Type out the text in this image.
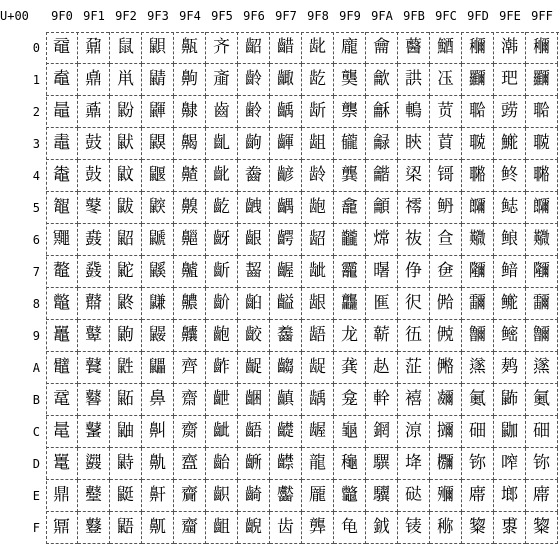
U+00	9F0 9F1 9F2 9F3 9F4 9F5 9F6 9F7 9F8 9F9 9FA 9FB 9FC 9FD 9FE 9FF
0
1
2
3
4
5
6
7
8
9
A
B
C
D
E
F
黿 鼐 鼠 鼰 齀 齐 齠 齰 龀 龐 龠 鿀 鿐 鿠 鿰 鿠
鼁 鼑 鼡 鼱 齁 齑 齡 齱 龁 龑 龡 鿁 鿑 鿡 鿱 鿡
鼂 鼒 鼢 鼲 齂 齒 齢 齲 龂 龒 龢 鿂 鿒 鿢 鿲 鿢
鼃 鼓 鼣 鼳 齃 齓 齣 齳 龃 龓 龣 鿃 鿓 鿣 鿳 鿣
鼄 鼔 鼤 鼴 齄 齔 齤 齴 龄 龔 龤 鿄 鿔 鿤 鿴 鿤
鼅 鼕 鼥 鼵 齅 齕 齥 齵 龅 龕 龥 鿅 鿕 鿥 鿵 鿥
鼆 鼖 鼦 鼶 齆 齖 齦 齶 龆 龖 龦 鿆 鿖 鿦 鿶 鿦
鼇 鼗 鼧 鼷 齇 齗 齧 齷 龇 龗 龧 鿇 鿗 鿧 鿷 鿧
鼈 鼘 鼨 鼸 齈 齘 齨 齸 龈 龘 龨 鿈 鿘 鿨 鿸 鿨
鼉 鼙 鼩 鼹 齉 齙 齩 齹 龉 龙 龩 鿉 鿙 鿩 鿹 鿩
鼊 鼚 鼪 鼺 齊 齚 齪 齺 龊 龚 龪 鿊 鿚 鿪 鿺 鿪
鼋 鼛 鼫 鼻 齋 齛 齫 齻 龋 龛 龫 鿋 鿛 鿫 鿻 鿫
鼌 鼜 鼬 鼼 齌 齜 齬 齼 龌 龜 龬 鿌 鿜 鿬 鿼 鿬
鼍 鼝 鼭 鼽 齍 齝 齭 齽 龍 龝 龭 鿍 鿝 鿭 鿽 鿭
鼎 鼞 鼮 鼾 齎 齞 齮 齾 龎 龞 龮 鿎 鿞 鿮 鿾 鿮
鼏 鼟 鼯 鼿 齏 齟 齯 齿 龏 龟 龯 鿏 鿟 鿯 鿿 鿯
